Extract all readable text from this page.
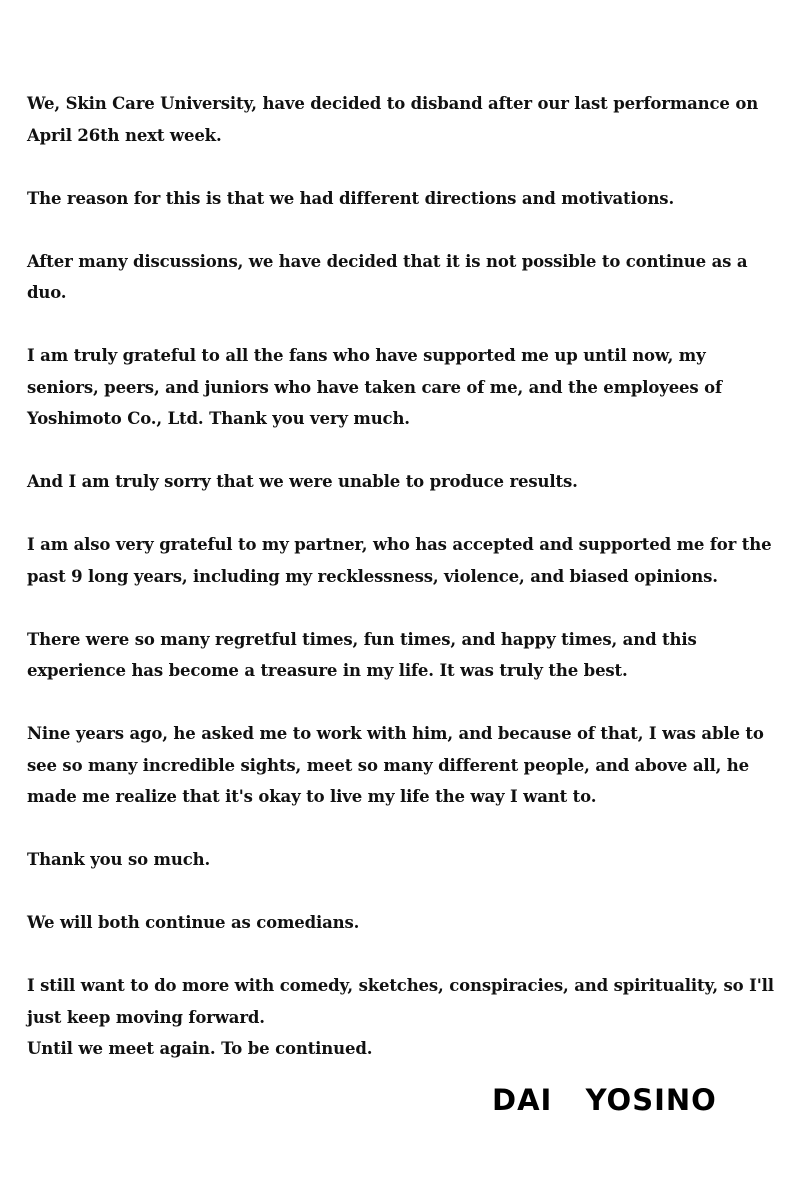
We, Skin Care University, have decided to disband after our last performance on April 26th next week.

The reason for this is that we had different directions and motivations.

After many discussions, we have decided that it is not possible to continue as a duo.

I am truly grateful to all the fans who have supported me up until now, my seniors, peers, and juniors who have taken care of me, and the employees of Yoshimoto Co., Ltd. Thank you very much.

And I am truly sorry that we were unable to produce results.

I am also very grateful to my partner, who has accepted and supported me for the past 9 long years, including my recklessness, violence, and biased opinions.

There were so many regretful times, fun times, and happy times, and this experience has become a treasure in my life. It was truly the best.

Nine years ago, he asked me to work with him, and because of that, I was able to see so many incredible sights, meet so many different people, and above all, he made me realize that it's okay to live my life the way I want to.

Thank you so much.

We will both continue as comedians.

I still want to do more with comedy, sketches, conspiracies, and spirituality, so I'll just keep moving forward.
Until we meet again. To be continued.

DAI   YOSINO
